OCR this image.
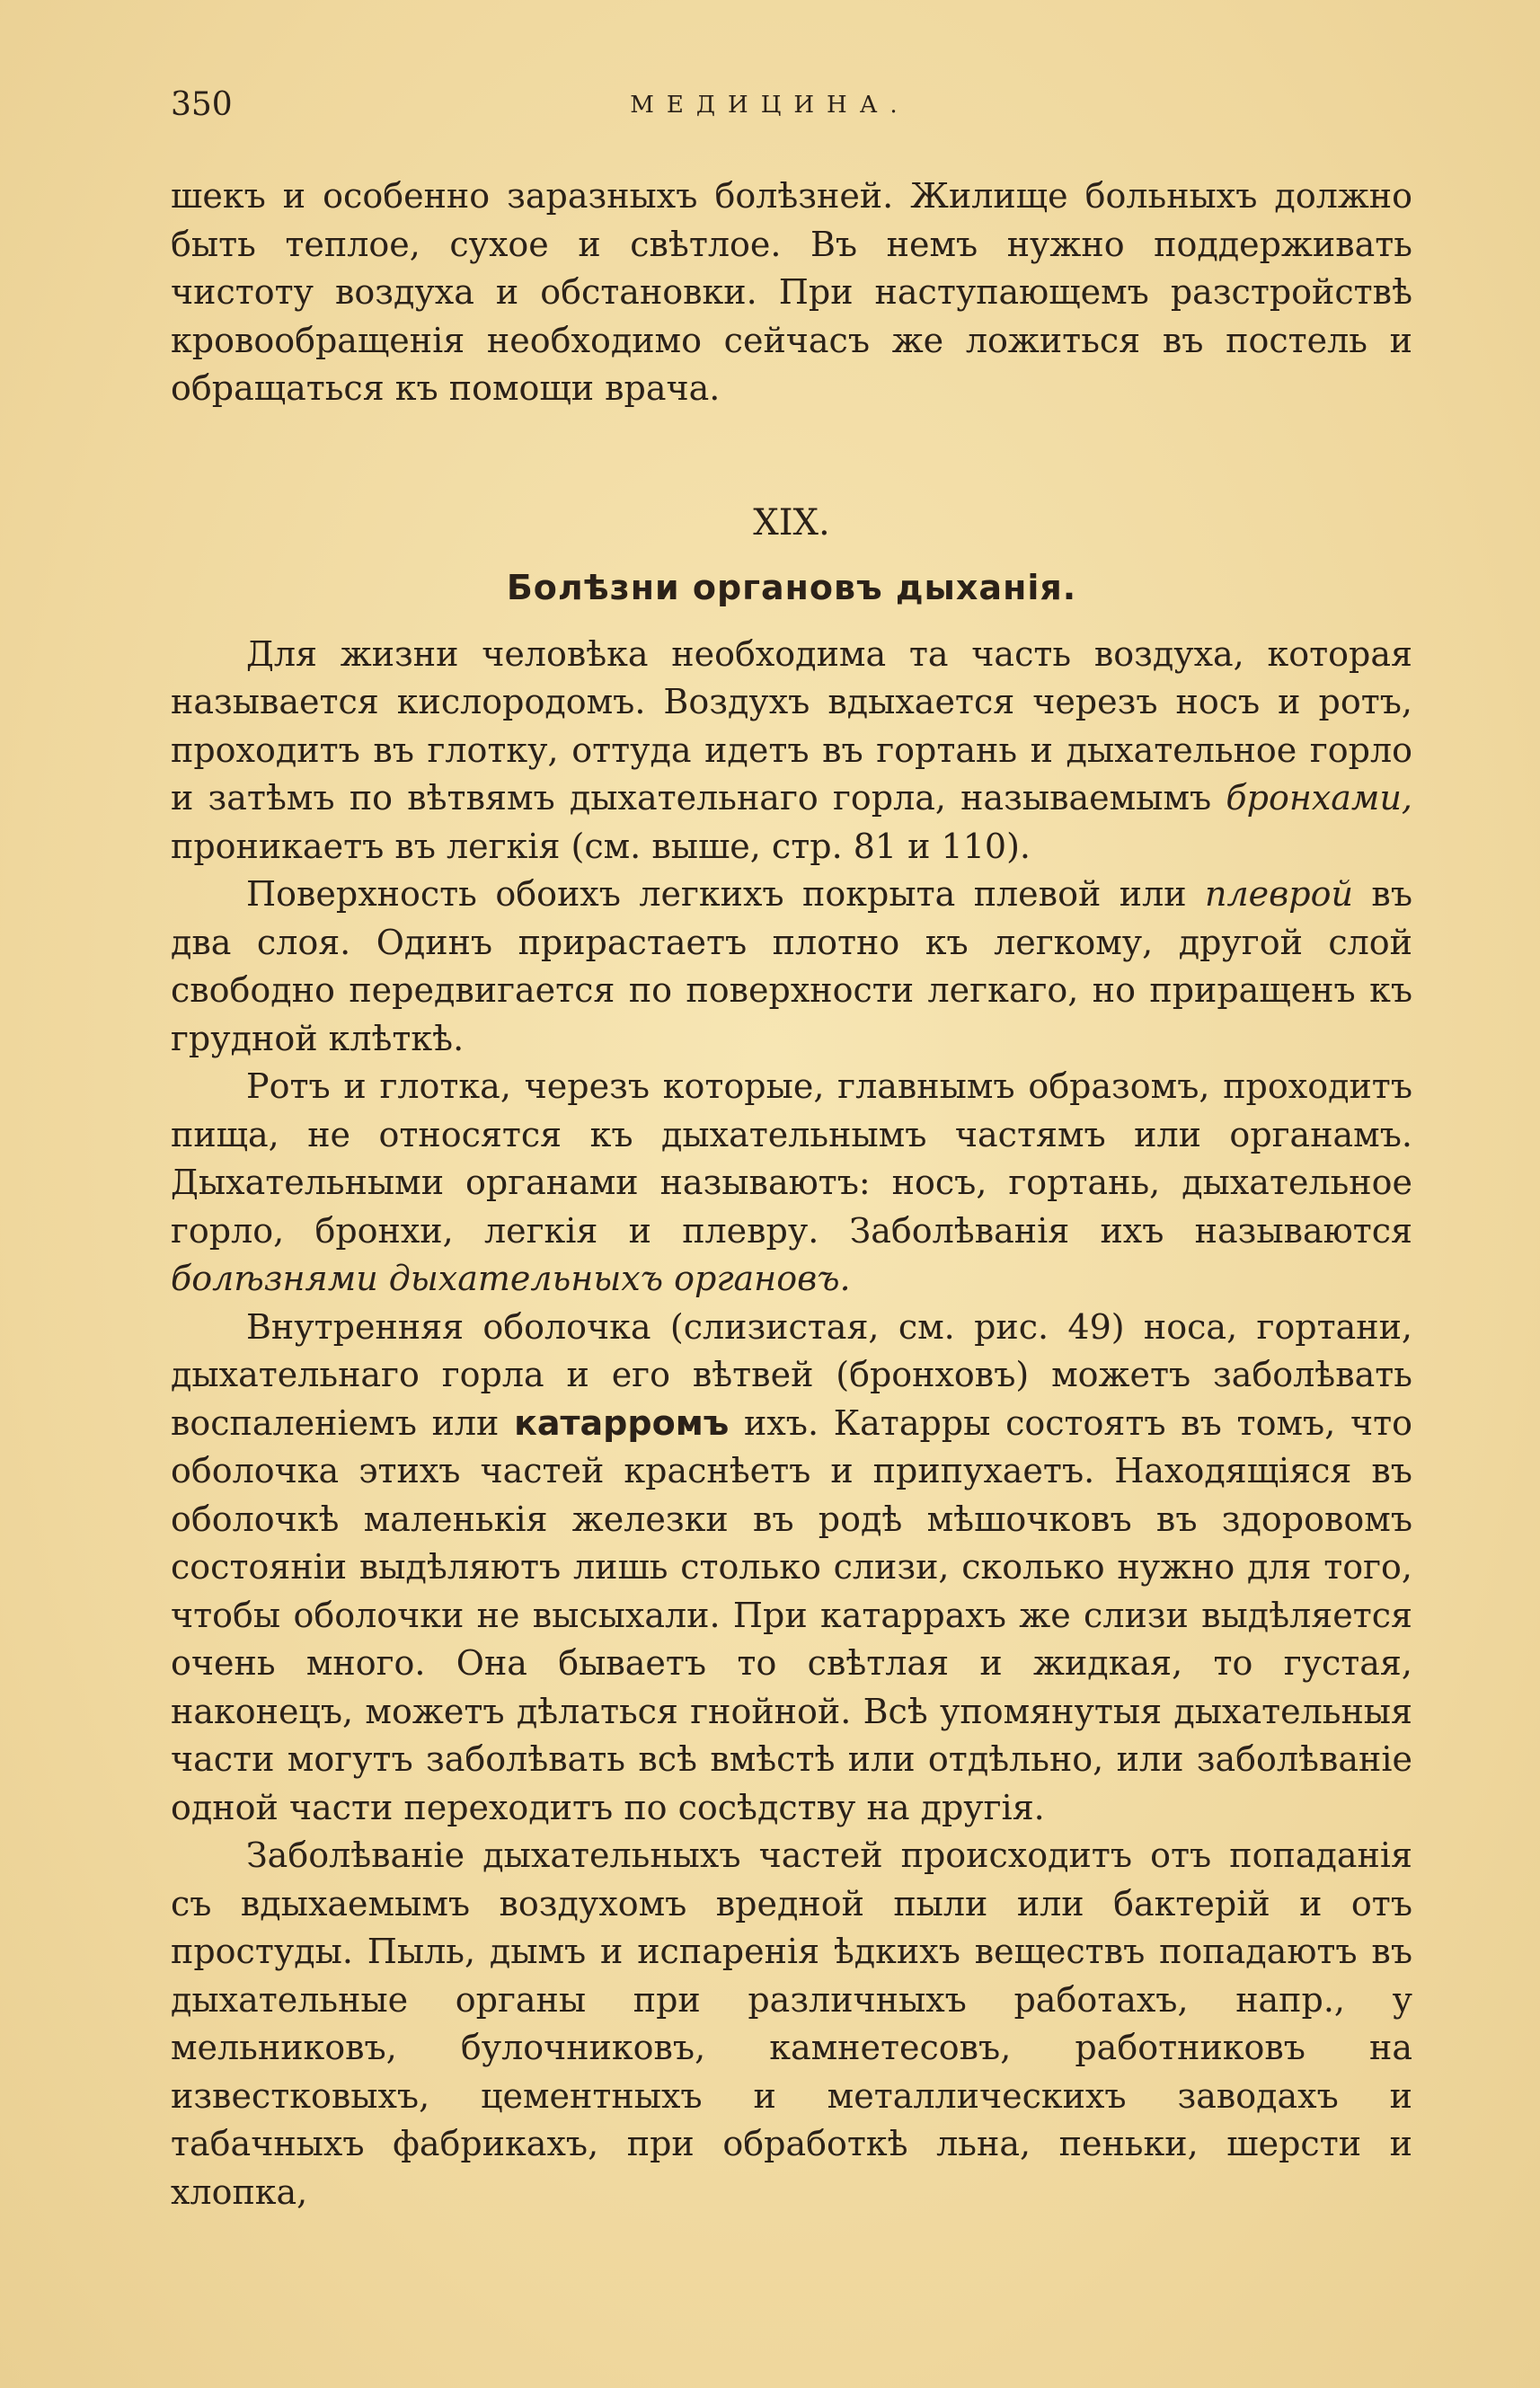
350	МЕДИЦИНА.

шекъ и особенно заразныхъ болѣзней. Жилище больныхъ должно быть теплое, сухое и свѣтлое. Въ немъ нужно поддерживать чистоту воздуха и обстановки. При наступающемъ разстройствѣ кровообращенія необходимо сейчасъ же ложиться въ постель и обращаться къ помощи врача.

XIX.
Болѣзни органовъ дыханія.

Для жизни человѣка необходима та часть воздуха, которая называется кислородомъ. Воздухъ вдыхается черезъ носъ и ротъ, проходитъ въ глотку, оттуда идетъ въ гортань и дыхательное горло и затѣмъ по вѣтвямъ дыхательнаго горла, называемымъ бронхами, проникаетъ въ легкія (см. выше, стр. 81 и 110).

Поверхность обоихъ легкихъ покрыта плевой или плеврой въ два слоя. Одинъ прирастаетъ плотно къ легкому, другой слой свободно передвигается по поверхности легкаго, но приращенъ къ грудной клѣткѣ.

Ротъ и глотка, черезъ которые, главнымъ образомъ, проходитъ пища, не относятся къ дыхательнымъ частямъ или органамъ. Дыхательными органами называютъ: носъ, гортань, дыхательное горло, бронхи, легкія и плевру. Заболѣванія ихъ называются болѣзнями дыхательныхъ органовъ.

Внутренняя оболочка (слизистая, см. рис. 49) носа, гортани, дыхательнаго горла и его вѣтвей (бронховъ) можетъ заболѣвать воспаленіемъ или катарромъ ихъ. Катарры состоятъ въ томъ, что оболочка этихъ частей краснѣетъ и припухаетъ. Находящіяся въ оболочкѣ маленькія железки въ родѣ мѣшочковъ въ здоровомъ состояніи выдѣляютъ лишь столько слизи, сколько нужно для того, чтобы оболочки не высыхали. При катаррахъ же слизи выдѣляется очень много. Она бываетъ то свѣтлая и жидкая, то густая, наконецъ, можетъ дѣлаться гнойной. Всѣ упомянутыя дыхательныя части могутъ заболѣвать всѣ вмѣстѣ или отдѣльно, или заболѣваніе одной части переходитъ по сосѣдству на другія.

Заболѣваніе дыхательныхъ частей происходитъ отъ попаданія съ вдыхаемымъ воздухомъ вредной пыли или бактерій и отъ простуды. Пыль, дымъ и испаренія ѣдкихъ веществъ попадаютъ въ дыхательные органы при различныхъ работахъ, напр., у мельниковъ, булочниковъ, камнетесовъ, работниковъ на известковыхъ, цементныхъ и металлическихъ заводахъ и табачныхъ фабрикахъ, при обработкѣ льна, пеньки, шерсти и хлопка,
